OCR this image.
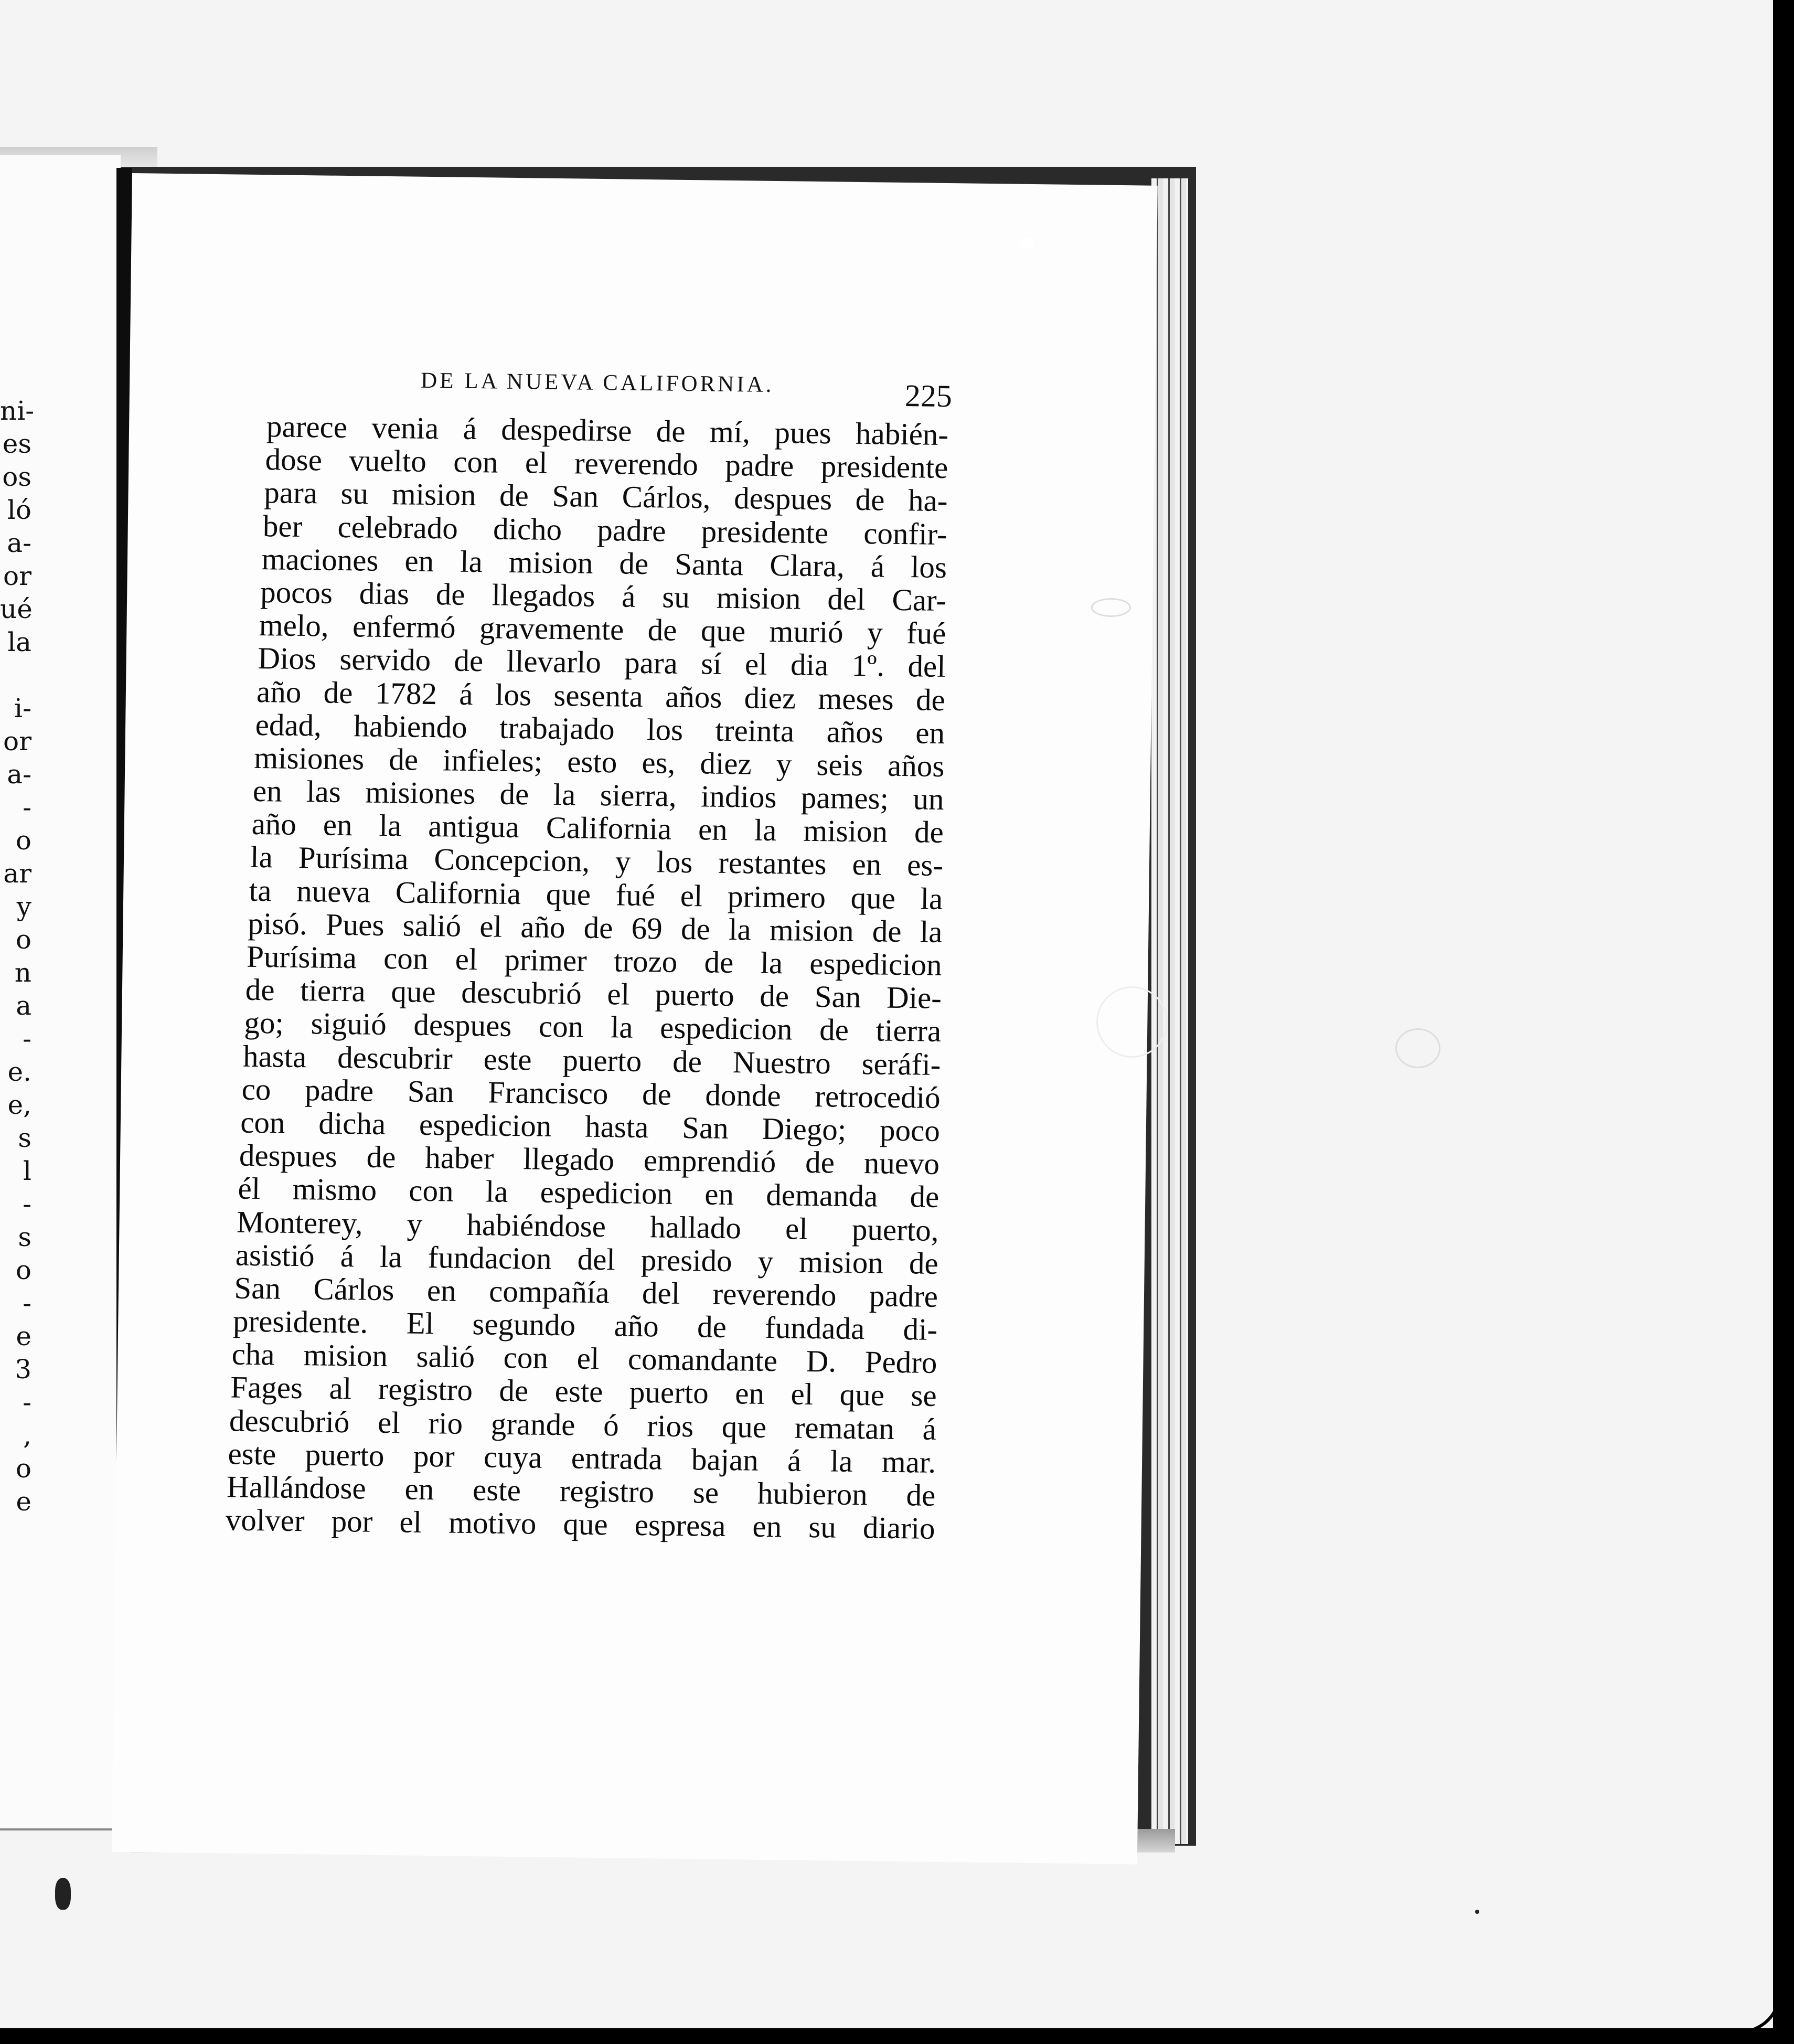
ni-
es
os
ló
a-
or
ué
la
i-
or
a-
-
o
ar
y
o
n
a
-
e.
e,
s
l
-
s
o
-
e
3
-
,
o
e
DE LA NUEVA CALIFORNIA.	225
parece venia á despedirse de mí, pues habién-
dose vuelto con el reverendo padre presidente
para su mision de San Cárlos, despues de ha-
ber celebrado dicho padre presidente confir-
maciones en la mision de Santa Clara, á los
pocos dias de llegados á su mision del Car-
melo, enfermó gravemente de que murió y fué
Dios servido de llevarlo para sí el dia 1º. del
año de 1782 á los sesenta años diez meses de
edad, habiendo trabajado los treinta años en
misiones de infieles; esto es, diez y seis años
en las misiones de la sierra, indios pames; un
año en la antigua California en la mision de
la Purísima Concepcion, y los restantes en es-
ta nueva California que fué el primero que la
pisó. Pues salió el año de 69 de la mision de la
Purísima con el primer trozo de la espedicion
de tierra que descubrió el puerto de San Die-
go; siguió despues con la espedicion de tierra
hasta descubrir este puerto de Nuestro seráfi-
co padre San Francisco de donde retrocedió
con dicha espedicion hasta San Diego; poco
despues de haber llegado emprendió de nuevo
él mismo con la espedicion en demanda de
Monterey, y habiéndose hallado el puerto,
asistió á la fundacion del presido y mision de
San Cárlos en compañía del reverendo padre
presidente. El segundo año de fundada di-
cha mision salió con el comandante D. Pedro
Fages al registro de este puerto en el que se
descubrió el rio grande ó rios que rematan á
este puerto por cuya entrada bajan á la mar.
Hallándose en este registro se hubieron de
volver por el motivo que espresa en su diario
